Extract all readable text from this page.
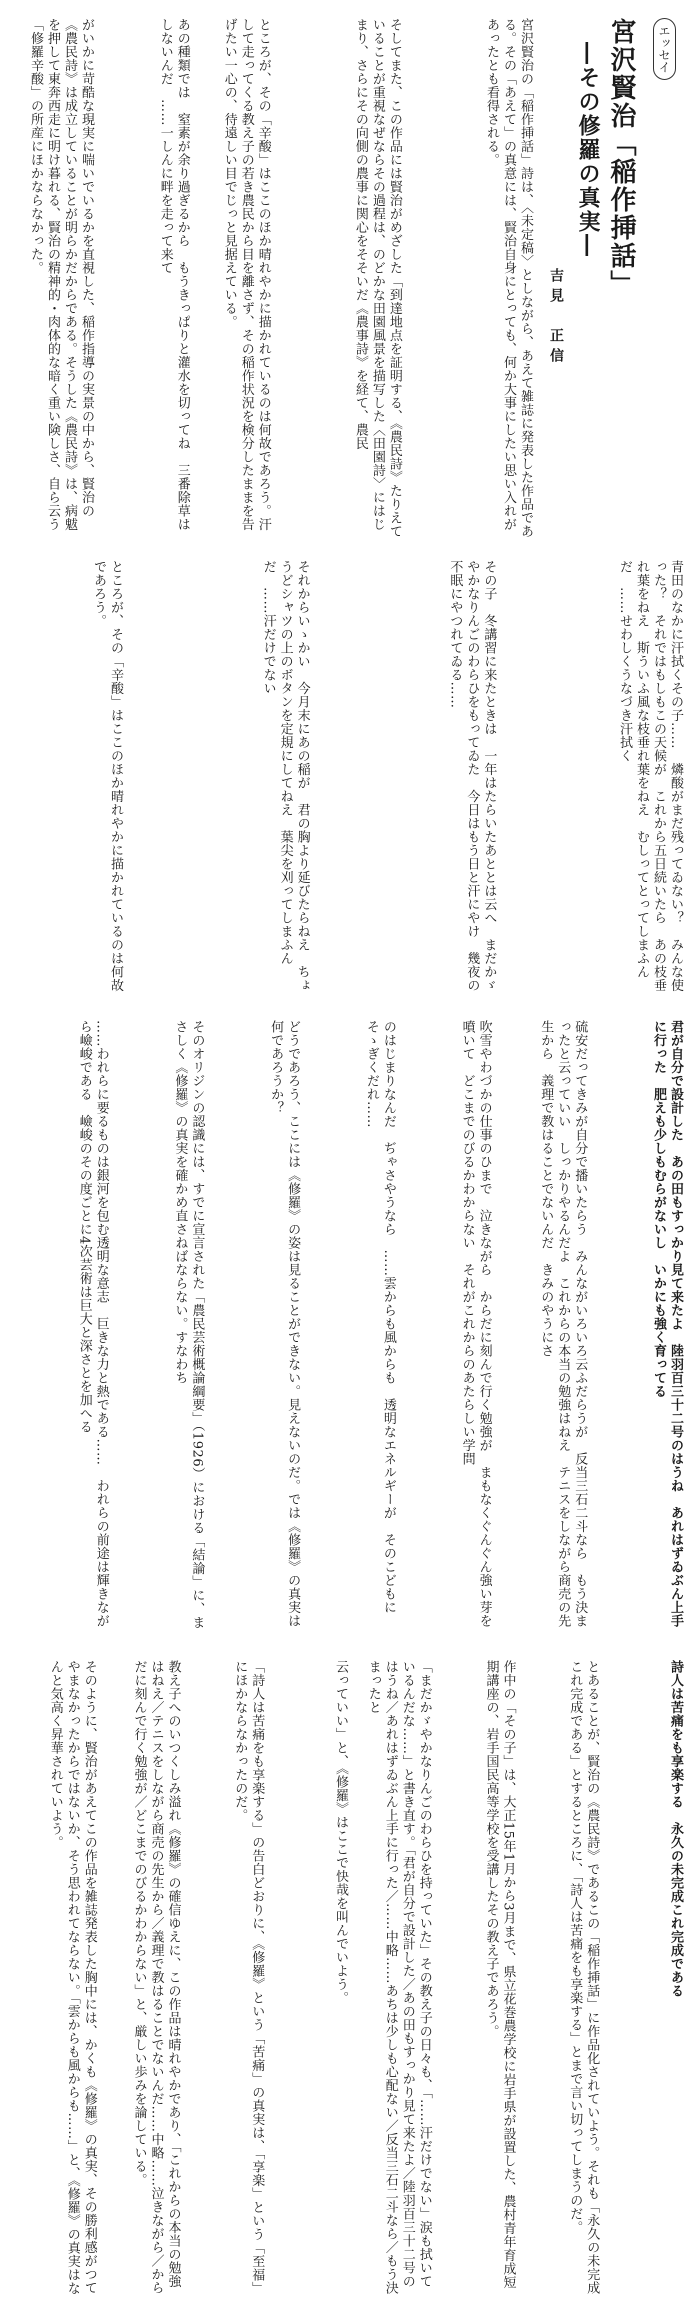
エッセイ
宮沢賢治「稲作挿話」
―その修羅の真実―
吉見　正信
宮沢賢治の「稲作挿話」詩は、〈未定稿〉としながら、あえて雑誌に発表した作品である。その「あえて」の真意には、賢治自身にとっても、何か大事にしたい思い入れがあったとも看得される。
そしてまた、この作品には賢治がめざした「到達地点を証明する、《農民詩》たりえていることが重視なぜならその過程は、のどかな田園風景を描写した〈田園詩〉にはじまり、さらにその向側の農事に関心をそそいだ《農事詩》を経て、農民
ところが、その「辛酸」はここのほか晴れやかに描かれているのは何故であろう。汗して走ってくる教え子の若き農民から目を離さず、その稲作状況を検分したままを告げたい一心の、待遠しい目でじっと見据えている。
あの種類では　窒素が余り過ぎるから　もうきっぱりと灌水を切ってね　三番除草はしないんだ　……一しんに畔を走って来て
がいかに苛酷な現実に喘いでいるかを直視した、稲作指導の実景の中から、賢治の《農民詩》は成立していることが明らかだからである。そうした《農民詩》は、病魃を押して東奔西走に明け暮れる、賢治の精神的・肉体的な暗く重い険しさ、自ら云う「修羅辛酸」の所産にほかならなかった。
青田のなかに汗拭くその子……　燐酸がまだ残ってゐない？　みんな使った？　それではもしもこの天候が　これから五日続いたら　あの枝垂れ葉をねえ　斯ういふ風な枝垂れ葉をねえ　むしってとってしまふんだ　……せわしくうなづき汗拭く
その子　冬講習に来たときは　一年はたらいたあととは云へ　まだかゞやかなりんごのわらひをもってゐた　今日はもう日と汗にやけ　幾夜の不眠にやつれてゐる……
それからいゝかい　今月末にあの稲が　君の胸より延びたらねえ　ちょうどシャツの上のボタンを定規にしてねえ　葉尖を刈ってしまふんだ　……汗だけでない
ところが、その「辛酸」はここのほか晴れやかに描かれているのは何故であろう。
君が自分で設計した　あの田もすっかり見て来たよ　陸羽百三十二号のはうね　あれはずゐぶん上手に行った　肥えも少しもむらがないし　いかにも強く育ってる
硫安だってきみが自分で播いたらう　みんながいろいろ云ふだらうが　反当三石二斗なら　もう決まったと云っていい　しっかりやるんだよ　これからの本当の勉強はねえ　テニスをしながら商売の先生から　義理で教はることでないんだ　きみのやうにさ
吹雪やわづかの仕事のひまで　泣きながら　からだに刻んで行く勉強が　まもなくぐんぐん強い芽を噴いて　どこまでのびるかわからない　それがこれからのあたらしい学問
のはじまりなんだ　ぢゃさやうなら　……雲からも風からも　透明なエネルギーが　そのこどもにそゝぎくだれ……
どうであろう、ここには《修羅》の姿は見ることができない。見えないのだ。では《修羅》の真実は何であろうか？
そのオリジンの認識には、すでに宣言された「農民芸術概論綱要」（1926）における「結論」に、まさしく《修羅》の真実を確かめ直さねばならない。すなわち
……われらに要るものは銀河を包む透明な意志　巨きな力と熱である……　われらの前途は輝きながら嶮峻である　嶮峻のその度ごとに4次芸術は巨大と深さとを加へる
詩人は苦痛をも享楽する　永久の未完成これ完成である
とあることが、賢治の《農民詩》であるこの「稲作挿話」に作品化されていよう。それも「永久の未完成これ完成である」とするところに、「詩人は苦痛をも享楽する」とまで言い切ってしまうのだ。
作中の「その子」は、大正15年1月から3月まで、県立花巻農学校に岩手県が設置した、農村青年育成短期講座の、岩手国民高等学校を受講したその教え子であろう。
「まだかゞやかなりんごのわらひを持っていた」その教え子の日々も、「……汗だけでない」涙も拭いているんだな……」と書き直す。「君が自分で設計した／あの田もすっかり見て来たよ／陸羽百三十二号のはうね／あれはずゐぶん上手に行った／……中略……あちは少しも心配ない／反当三石二斗なら／もう決まったと
云っていい」と、《修羅》はここで快哉を叫んでいよう。
「詩人は苦痛をも享楽する」の告白どおりに、《修羅》という「苦痛」の真実は、「享楽」という「至福」にほかならなかったのだ。
教え子へのいつくしみ溢れ《修羅》の確信ゆえに、この作品は晴れやかであり、「これからの本当の勉強はねえ／テニスをしながら商売の先生から／義理で教はることでないんだ……中略……泣きながら／からだに刻んで行く勉強が／どこまでのびるかわからない」と、厳しい歩みを論している。
そのように、賢治があえてこの作品を雑誌発表した胸中には、かくも《修羅》の真実、その勝利感がつてやまなかったからではないか、そう思われてならない。「雲からも風からも……」と、《修羅》の真実はなんと気高く昇華されていよう。
